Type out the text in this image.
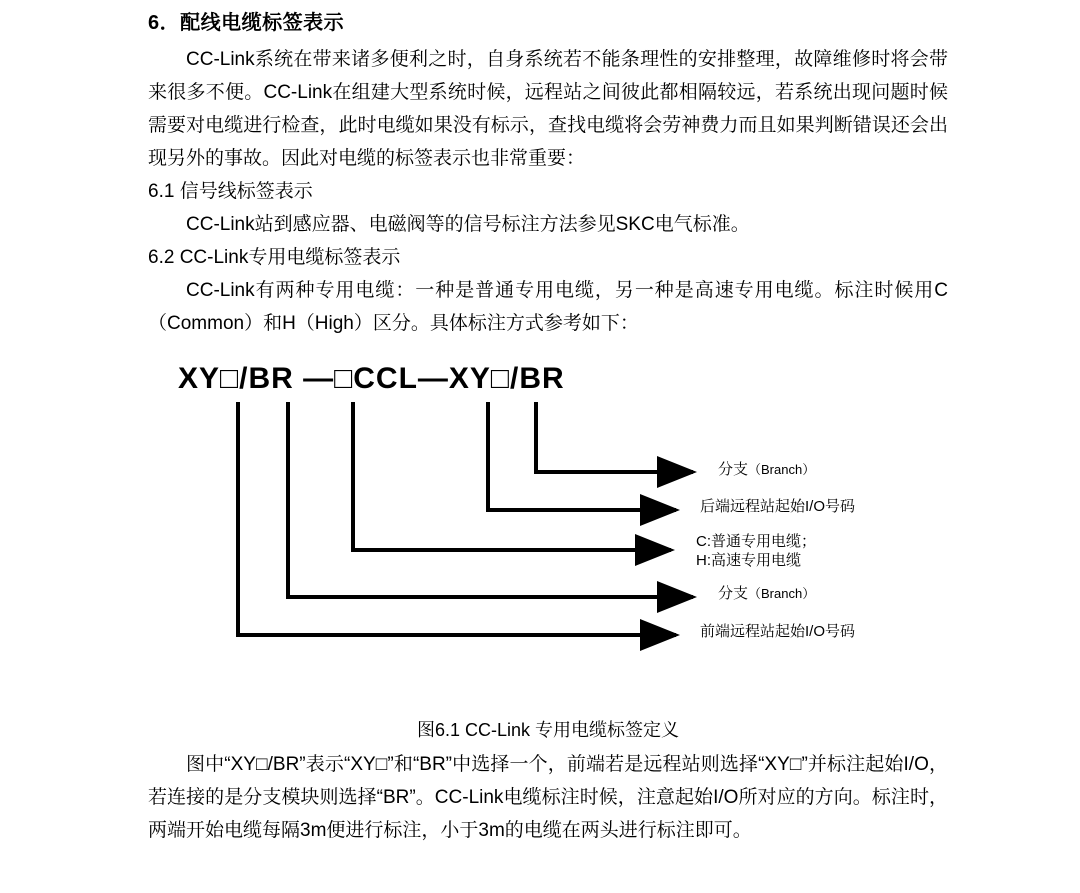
6．配线电缆标签表示

CC-Link系统在带来诸多便利之时，自身系统若不能条理性的安排整理，故障维修时将会带来很多不便。CC-Link在组建大型系统时候，远程站之间彼此都相隔较远，若系统出现问题时候需要对电缆进行检查，此时电缆如果没有标示，查找电缆将会劳神费力而且如果判断错误还会出现另外的事故。因此对电缆的标签表示也非常重要：

6.1 信号线标签表示

CC-Link站到感应器、电磁阀等的信号标注方法参见SKC电气标准。

6.2 CC-Link专用电缆标签表示

CC-Link有两种专用电缆：一种是普通专用电缆，另一种是高速专用电缆。标注时候用C（Common）和H（High）区分。具体标注方式参考如下：

XY□/BR —□CCL—XY□/BR
分支（Branch）
后端远程站起始I/O号码
C:普通专用电缆；
H:高速专用电缆
分支（Branch）
前端远程站起始I/O号码
图6.1 CC-Link 专用电缆标签定义

图中“XY□/BR”表示“XY□”和“BR”中选择一个，前端若是远程站则选择“XY□”并标注起始I/O，若连接的是分支模块则选择“BR”。CC-Link电缆标注时候，注意起始I/O所对应的方向。标注时，两端开始电缆每隔3m便进行标注，小于3m的电缆在两头进行标注即可。
